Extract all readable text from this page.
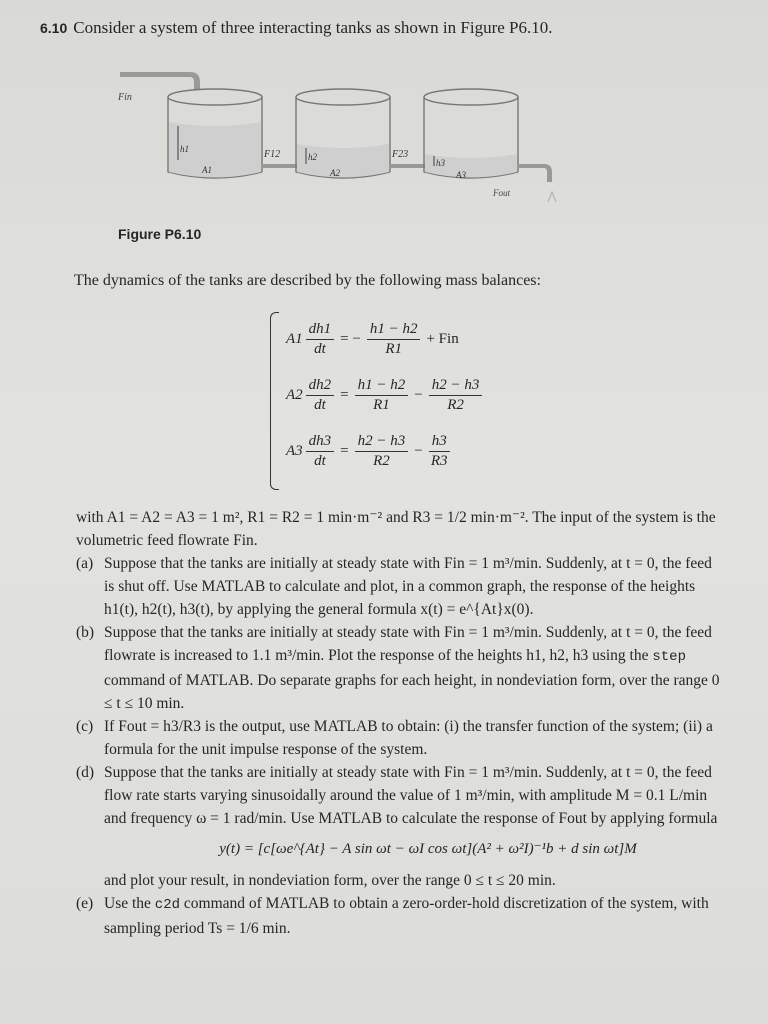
6.10 Consider a system of three interacting tanks as shown in Figure P6.10.
Fin
h1
A1
F12	h2
A2
F23
h3
A3
Fout
Figure P6.10
The dynamics of the tanks are described by the following mass balances:
$A1 \frac{dh1}{dt}$ = − $\frac{h1 - h2}{R1}$ + Fin
$A2 \frac{dh2}{dt} = \frac{h1 - h2}{R1} - \frac{h2 - h3}{R2}$
$A3 \frac{dh3}{dt} = \frac{h2 - h3}{R2} - \frac{h3}{R3}$

with A1 = A2 = A3 = 1 m², R1 = R2 = 1 min·m⁻² and R3 = 1/2 min·m⁻². The input of the system is the volumetric feed flowrate Fin.

(a) Suppose that the tanks are initially at steady state with Fin = 1 m³/min. Suddenly, at t = 0, the feed is shut off. Use MATLAB to calculate and plot, in a common graph, the response of the heights h1(t), h2(t), h3(t), by applying the general formula x(t) = e^{At}x(0).
(b) Suppose that the tanks are initially at steady state with Fin = 1 m³/min. Suddenly, at t = 0, the feed flowrate is increased to 1.1 m³/min. Plot the response of the heights h1, h2, h3 using the step command of MATLAB. Do separate graphs for each height, in nondeviation form, over the range 0 ≤ t ≤ 10 min.
(c) If Fout = h3/R3 is the output, use MATLAB to obtain: (i) the transfer function of the system; (ii) a formula for the unit impulse response of the system.
(d) Suppose that the tanks are initially at steady state with Fin = 1 m³/min. Suddenly, at t = 0, the feed flow rate starts varying sinusoidally around the value of 1 m³/min, with amplitude M = 0.1 L/min and frequency ω = 1 rad/min. Use MATLAB to calculate the response of Fout by applying formula
y(t) = [c[ωe^{At} − A sin ωt − ωI cos ωt](A² + ω²I)⁻¹b + d sin ωt]M
and plot your result, in nondeviation form, over the range 0 ≤ t ≤ 20 min.
(e) Use the c2d command of MATLAB to obtain a zero-order-hold discretization of the system, with sampling period Ts = 1/6 min.
